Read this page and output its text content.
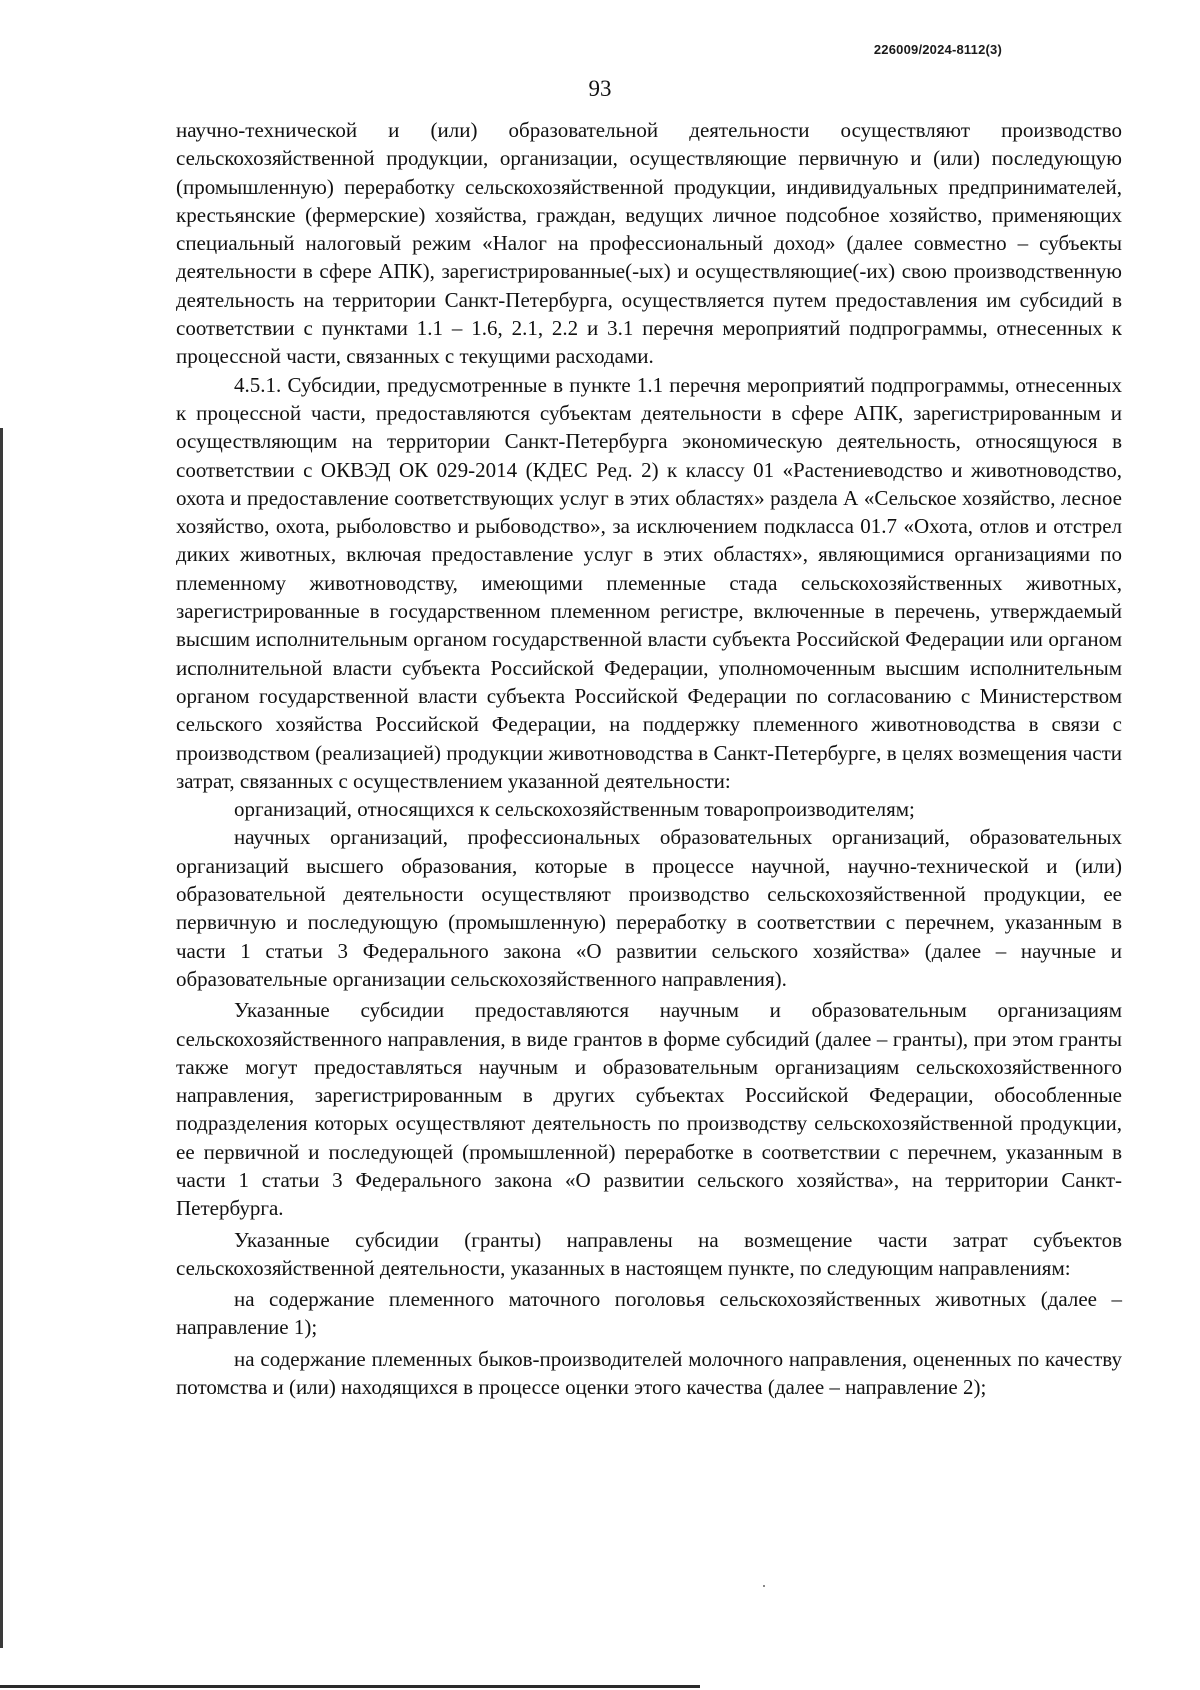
226009/2024-8112(3)
93

научно-технической и (или) образовательной деятельности осуществляют производство сельскохозяйственной продукции, организации, осуществляющие первичную и (или) последующую (промышленную) переработку сельскохозяйственной продукции, индивидуальных предпринимателей, крестьянские (фермерские) хозяйства, граждан, ведущих личное подсобное хозяйство, применяющих специальный налоговый режим «Налог на профессиональный доход» (далее совместно – субъекты деятельности в сфере АПК), зарегистрированные(-ых) и осуществляющие(-их) свою производственную деятельность на территории Санкт-Петербурга, осуществляется путем предоставления им субсидий в соответствии с пунктами 1.1 – 1.6, 2.1, 2.2 и 3.1 перечня мероприятий подпрограммы, отнесенных к процессной части, связанных с текущими расходами.

4.5.1. Субсидии, предусмотренные в пункте 1.1 перечня мероприятий подпрограммы, отнесенных к процессной части, предоставляются субъектам деятельности в сфере АПК, зарегистрированным и осуществляющим на территории Санкт-Петербурга экономическую деятельность, относящуюся в соответствии с ОКВЭД ОК 029-2014 (КДЕС Ред. 2) к классу 01 «Растениеводство и животноводство, охота и предоставление соответствующих услуг в этих областях» раздела А «Сельское хозяйство, лесное хозяйство, охота, рыболовство и рыбоводство», за исключением подкласса 01.7 «Охота, отлов и отстрел диких животных, включая предоставление услуг в этих областях», являющимися организациями по племенному животноводству, имеющими племенные стада сельскохозяйственных животных, зарегистрированные в государственном племенном регистре, включенные в перечень, утверждаемый высшим исполнительным органом государственной власти субъекта Российской Федерации или органом исполнительной власти субъекта Российской Федерации, уполномоченным высшим исполнительным органом государственной власти субъекта Российской Федерации по согласованию с Министерством сельского хозяйства Российской Федерации, на поддержку племенного животноводства в связи с производством (реализацией) продукции животноводства в Санкт-Петербурге, в целях возмещения части затрат, связанных с осуществлением указанной деятельности:

организаций, относящихся к сельскохозяйственным товаропроизводителям;

научных организаций, профессиональных образовательных организаций, образовательных организаций высшего образования, которые в процессе научной, научно-технической и (или) образовательной деятельности осуществляют производство сельскохозяйственной продукции, ее первичную и последующую (промышленную) переработку в соответствии с перечнем, указанным в части 1 статьи 3 Федерального закона «О развитии сельского хозяйства» (далее – научные и образовательные организации сельскохозяйственного направления).

Указанные субсидии предоставляются научным и образовательным организациям сельскохозяйственного направления, в виде грантов в форме субсидий (далее – гранты), при этом гранты также могут предоставляться научным и образовательным организациям сельскохозяйственного направления, зарегистрированным в других субъектах Российской Федерации, обособленные подразделения которых осуществляют деятельность по производству сельскохозяйственной продукции, ее первичной и последующей (промышленной) переработке в соответствии с перечнем, указанным в части 1 статьи 3 Федерального закона «О развитии сельского хозяйства», на территории Санкт-Петербурга.

Указанные субсидии (гранты) направлены на возмещение части затрат субъектов сельскохозяйственной деятельности, указанных в настоящем пункте, по следующим направлениям:

на содержание племенного маточного поголовья сельскохозяйственных животных (далее – направление 1);

на содержание племенных быков-производителей молочного направления, оцененных по качеству потомства и (или) находящихся в процессе оценки этого качества (далее – направление 2);
